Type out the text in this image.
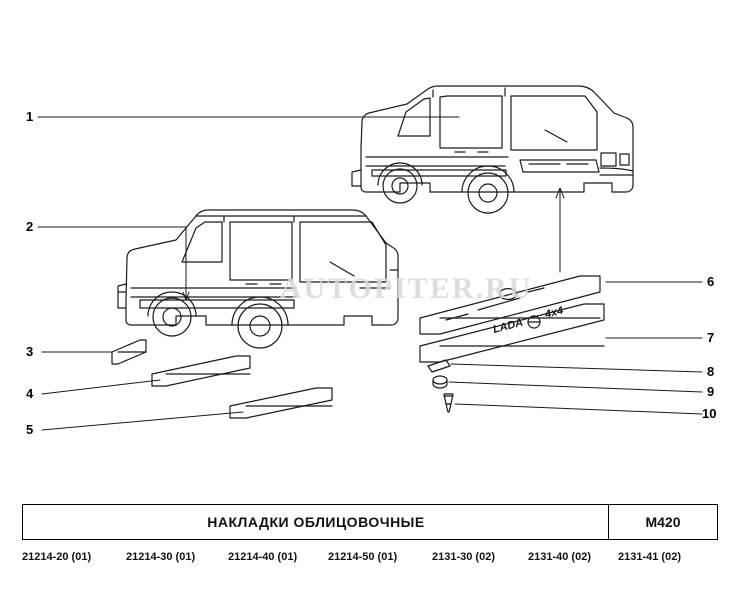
LADA
4x4
AUTOPITER.RU
1
2
3
4
5
6
7
8
9
10
НАКЛАДКИ ОБЛИЦОВОЧНЫЕ	M420
21214-20 (01)	21214-30 (01)	21214-40 (01)	21214-50 (01)	2131-30 (02)	2131-40 (02) 2131-41 (02)
